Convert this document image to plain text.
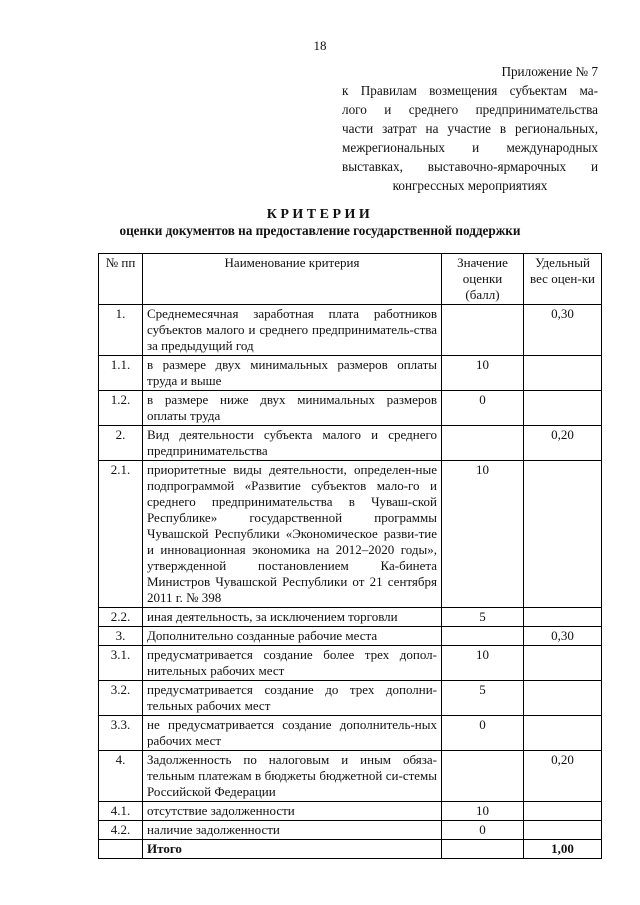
18
Приложение № 7
к Правилам возмещения субъектам ма-
лого и среднего предпринимательства
части затрат на участие в региональных,
межрегиональных и международных
выставках, выставочно-ярмарочных и
конгрессных мероприятиях
КРИТЕРИИ
оценки документов на предоставление государственной поддержки
№ пп	Наименование критерия	Значение оценки (балл)	Удельный вес оцен-ки
1.	Среднемесячная заработная плата работников субъектов малого и среднего предприниматель-ства за предыдущий год		0,30
1.1.	в размере двух минимальных размеров оплаты труда и выше	10	
1.2.	в размере ниже двух минимальных размеров оплаты труда	0	
2.	Вид деятельности субъекта малого и среднего предпринимательства		0,20
2.1.	приоритетные виды деятельности, определен-ные подпрограммой «Развитие субъектов мало-го и среднего предпринимательства в Чуваш-ской Республике» государственной программы Чувашской Республики «Экономическое разви-тие и инновационная экономика на 2012–2020 годы», утвержденной постановлением Ка-бинета Министров Чувашской Республики от 21 сентября 2011 г. № 398	10	
2.2.	иная деятельность, за исключением торговли	5	
3.	Дополнительно созданные рабочие места		0,30
3.1.	предусматривается создание более трех допол-нительных рабочих мест	10	
3.2.	предусматривается создание до трех дополни-тельных рабочих мест	5	
3.3.	не предусматривается создание дополнитель-ных рабочих мест	0	
4.	Задолженность по налоговым и иным обяза-тельным платежам в бюджеты бюджетной си-стемы Российской Федерации		0,20
4.1.	отсутствие задолженности	10	
4.2.	наличие задолженности	0	
	Итого		1,00
